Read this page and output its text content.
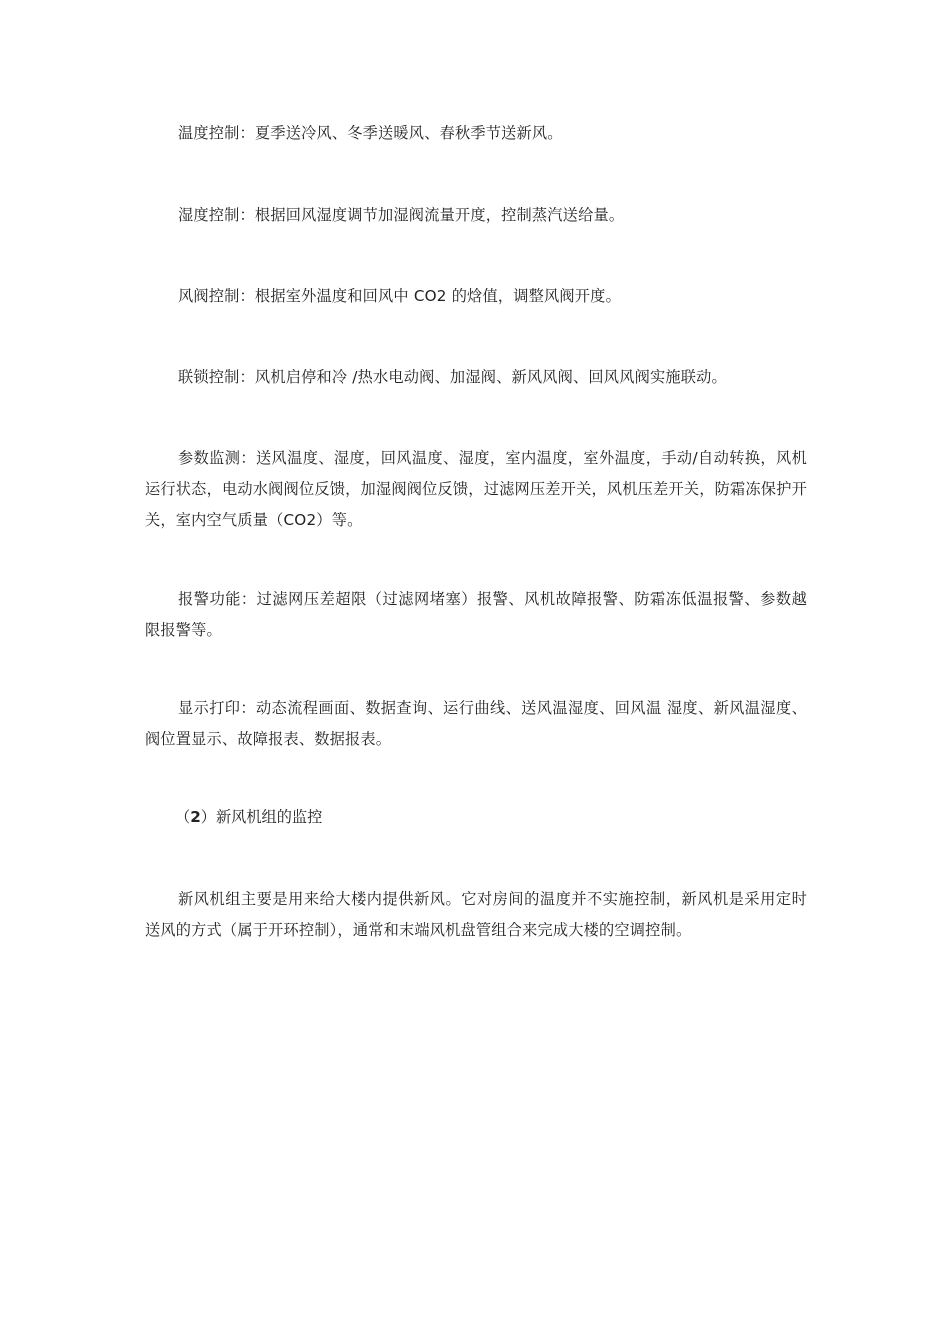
温度控制：夏季送冷风、冬季送暖风、春秋季节送新风。

湿度控制：根据回风湿度调节加湿阀流量开度，控制蒸汽送给量。

风阀控制：根据室外温度和回风中 CO2 的焓值，调整风阀开度。

联锁控制：风机启停和冷 /热水电动阀、加湿阀、新风风阀、回风风阀实施联动。

参数监测：送风温度、湿度，回风温度、湿度，室内温度，室外温度，手动/自动转换，风机运行状态，电动水阀阀位反馈，加湿阀阀位反馈，过滤网压差开关，风机压差开关，防霜冻保护开关，室内空气质量（CO2）等。

报警功能：过滤网压差超限（过滤网堵塞）报警、风机故障报警、防霜冻低温报警、参数越限报警等。

显示打印：动态流程画面、数据查询、运行曲线、送风温湿度、回风温 湿度、新风温湿度、阀位置显示、故障报表、数据报表。

（2）新风机组的监控

新风机组主要是用来给大楼内提供新风。它对房间的温度并不实施控制，新风机是采用定时送风的方式（属于开环控制），通常和末端风机盘管组合来完成大楼的空调控制。
